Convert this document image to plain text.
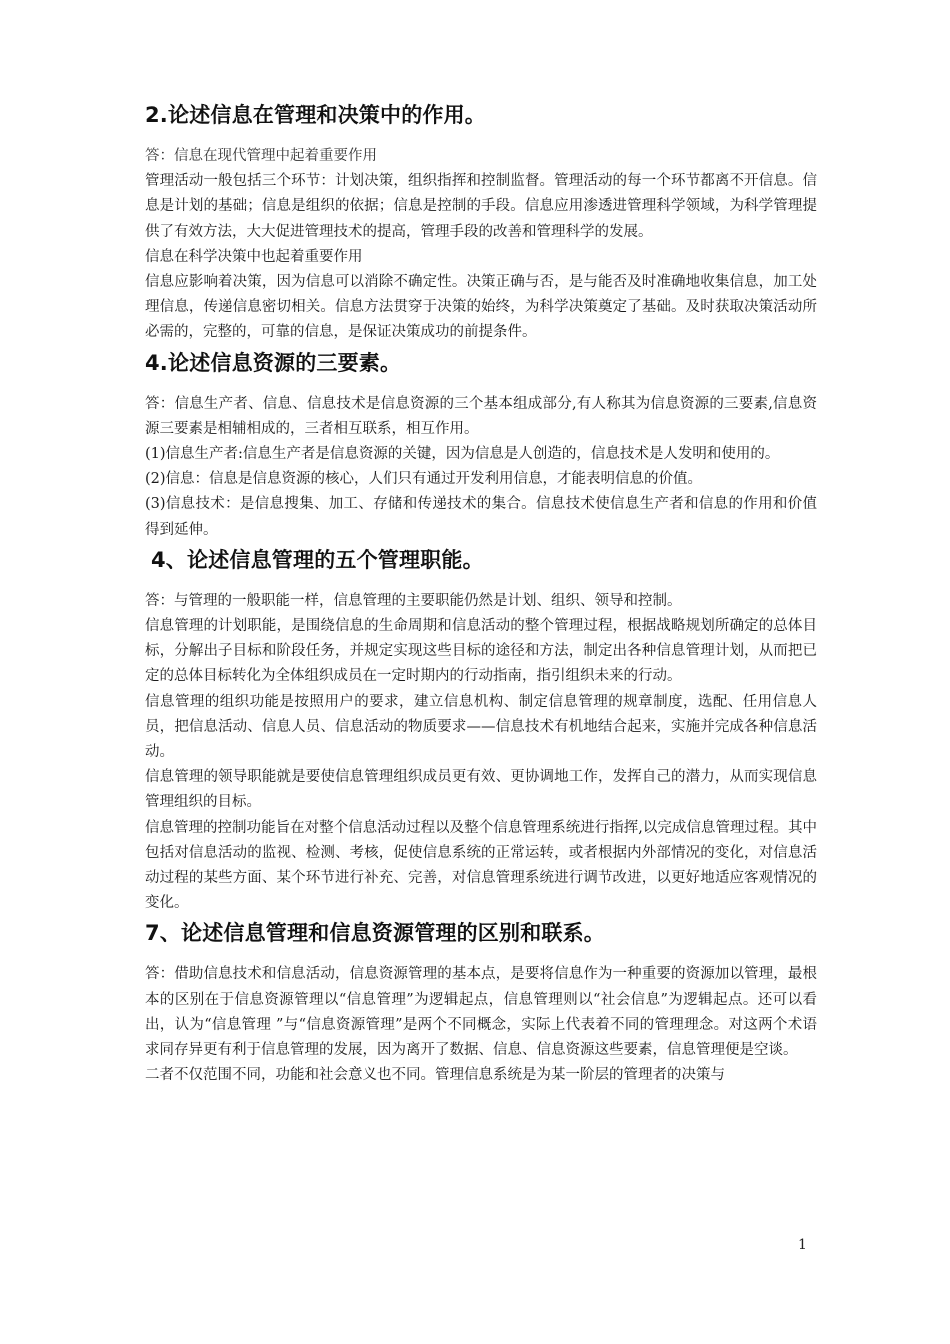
2.论述信息在管理和决策中的作用。

答：信息在现代管理中起着重要作用

管理活动一般包括三个环节：计划决策，组织指挥和控制监督。管理活动的每一个环节都离不开信息。信息是计划的基础；信息是组织的依据；信息是控制的手段。信息应用渗透进管理科学领域，为科学管理提供了有效方法，大大促进管理技术的提高，管理手段的改善和管理科学的发展。

信息在科学决策中也起着重要作用

信息应影响着决策，因为信息可以消除不确定性。决策正确与否，是与能否及时准确地收集信息，加工处理信息，传递信息密切相关。信息方法贯穿于决策的始终，为科学决策奠定了基础。及时获取决策活动所必需的，完整的，可靠的信息，是保证决策成功的前提条件。

4.论述信息资源的三要素。

答：信息生产者、信息、信息技术是信息资源的三个基本组成部分,有人称其为信息资源的三要素,信息资源三要素是相辅相成的，三者相互联系，相互作用。

(1)信息生产者:信息生产者是信息资源的关键，因为信息是人创造的，信息技术是人发明和使用的。

(2)信息：信息是信息资源的核心，人们只有通过开发利用信息，才能表明信息的价值。

(3)信息技术：是信息搜集、加工、存储和传递技术的集合。信息技术使信息生产者和信息的作用和价值得到延伸。

4、论述信息管理的五个管理职能。

答：与管理的一般职能一样，信息管理的主要职能仍然是计划、组织、领导和控制。

信息管理的计划职能，是围绕信息的生命周期和信息活动的整个管理过程，根据战略规划所确定的总体目标，分解出子目标和阶段任务，并规定实现这些目标的途径和方法，制定出各种信息管理计划，从而把已定的总体目标转化为全体组织成员在一定时期内的行动指南，指引组织未来的行动。

信息管理的组织功能是按照用户的要求，建立信息机构、制定信息管理的规章制度，选配、任用信息人员，把信息活动、信息人员、信息活动的物质要求——信息技术有机地结合起来，实施并完成各种信息活动。

信息管理的领导职能就是要使信息管理组织成员更有效、更协调地工作，发挥自己的潜力，从而实现信息管理组织的目标。

信息管理的控制功能旨在对整个信息活动过程以及整个信息管理系统进行指挥,以完成信息管理过程。其中包括对信息活动的监视、检测、考核，促使信息系统的正常运转，或者根据内外部情况的变化，对信息活动过程的某些方面、某个环节进行补充、完善，对信息管理系统进行调节改进，以更好地适应客观情况的变化。

7、论述信息管理和信息资源管理的区别和联系。

答：借助信息技术和信息活动，信息资源管理的基本点，是要将信息作为一种重要的资源加以管理，最根本的区别在于信息资源管理以“信息管理”为逻辑起点，信息管理则以“社会信息”为逻辑起点。还可以看出，认为“信息管理 ”与“信息资源管理”是两个不同概念，实际上代表着不同的管理理念。对这两个术语求同存异更有利于信息管理的发展，因为离开了数据、信息、信息资源这些要素，信息管理便是空谈。

二者不仅范围不同，功能和社会意义也不同。管理信息系统是为某一阶层的管理者的决策与

1
